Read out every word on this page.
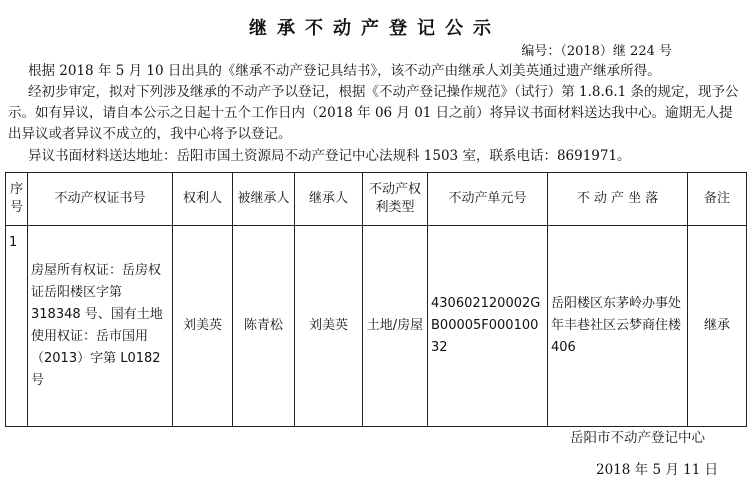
继承不动产登记公示
编号：（2018）继 224 号
根据 2018 年 5 月 10 日出具的《继承不动产登记具结书》，该不动产由继承人刘美英通过遗产继承所得。
经初步审定，拟对下列涉及继承的不动产予以登记，根据《不动产登记操作规范》（试行）第 1.8.6.1 条的规定，现予公示。如有异议，请自本公示之日起十五个工作日内（2018 年 06 月 01 日之前）将异议书面材料送达我中心。逾期无人提出异议或者异议不成立的，我中心将予以登记。
异议书面材料送达地址：岳阳市国土资源局不动产登记中心法规科 1503 室，联系电话：8691971。
序号	不动产权证书号	权利人	被继承人	继承人	不动产权利类型	不动产单元号	不 动 产 坐 落	备注
1	房屋所有权证：岳房权证岳阳楼区字第 318348 号、国有土地使用权证：岳市国用（2013）字第 L0182 号	刘美英	陈青松	刘美英	土地/房屋	430602120002GB00005F00010032	岳阳楼区东茅岭办事处年丰巷社区云梦商住楼 406	继承
岳阳市不动产登记中心
2018 年 5 月 11 日
